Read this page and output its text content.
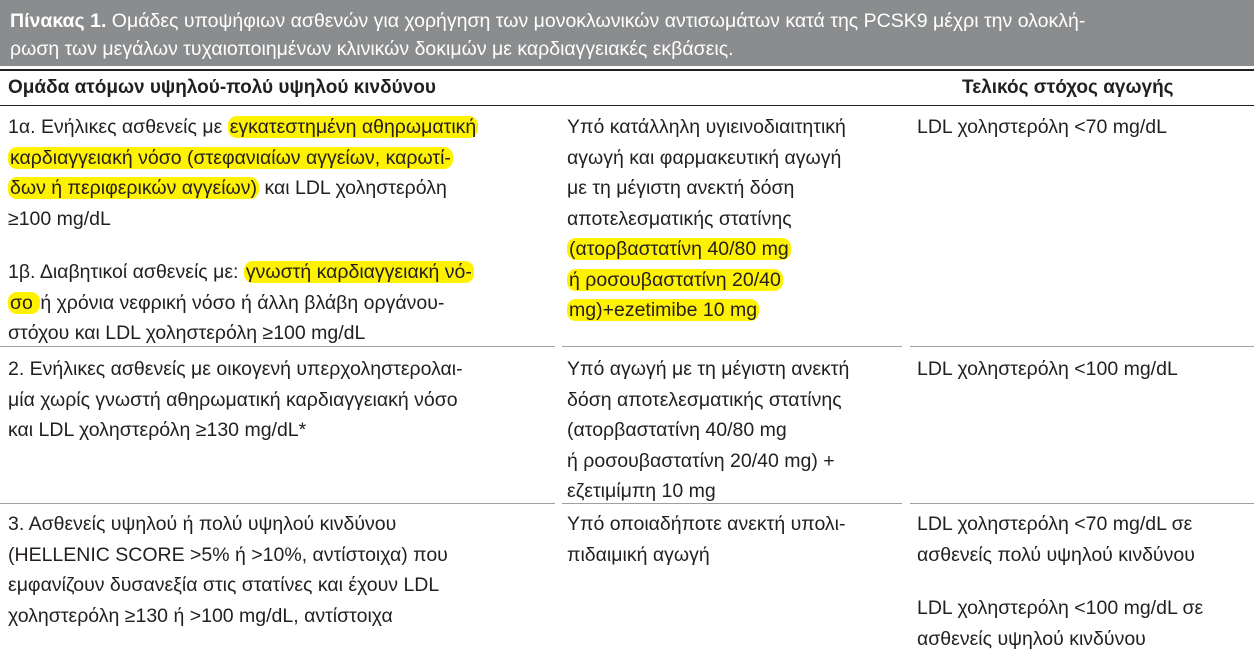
Πίνακας 1. Ομάδες υποψήφιων ασθενών για χορήγηση των μονοκλωνικών αντισωμάτων κατά της PCSK9 μέχρι την ολοκλή-
ρωση των μεγάλων τυχαιοποιημένων κλινικών δοκιμών με καρδιαγγειακές εκβάσεις.
Ομάδα ατόμων υψηλού-πολύ υψηλού κινδύνου	Τελικός στόχος αγωγής
1α. Ενήλικες ασθενείς με εγκατεστημένη αθηρωματική
καρδιαγγειακή νόσο (στεφανιαίων αγγείων, καρωτί-
δων ή περιφερικών αγγείων) και LDL χοληστερόλη
≥100 mg/dL
1β. Διαβητικοί ασθενείς με: γνωστή καρδιαγγειακή νό-
σο ή χρόνια νεφρική νόσο ή άλλη βλάβη οργάνου-
στόχου και LDL χοληστερόλη ≥100 mg/dL
Υπό κατάλληλη υγιεινοδιαιτητική
αγωγή και φαρμακευτική αγωγή
με τη μέγιστη ανεκτή δόση
αποτελεσματικής στατίνης
(ατορβαστατίνη 40/80 mg
ή ροσουβαστατίνη 20/40
mg)+ezetimibe 10 mg
LDL χοληστερόλη <70 mg/dL
2. Ενήλικες ασθενείς με οικογενή υπερχοληστερολαι-
μία χωρίς γνωστή αθηρωματική καρδιαγγειακή νόσο
και LDL χοληστερόλη ≥130 mg/dL*
Υπό αγωγή με τη μέγιστη ανεκτή
δόση αποτελεσματικής στατίνης
(ατορβαστατίνη 40/80 mg
ή ροσουβαστατίνη 20/40 mg) +
εζετιμίμπη 10 mg
LDL χοληστερόλη <100 mg/dL
3. Ασθενείς υψηλού ή πολύ υψηλού κινδύνου
(HELLENIC SCORE >5% ή >10%, αντίστοιχα) που
εμφανίζουν δυσανεξία στις στατίνες και έχουν LDL
χοληστερόλη ≥130 ή >100 mg/dL, αντίστοιχα
Υπό οποιαδήποτε ανεκτή υπολι-
πιδαιμική αγωγή
LDL χοληστερόλη <70 mg/dL σε
ασθενείς πολύ υψηλού κινδύνου
LDL χοληστερόλη <100 mg/dL σε
ασθενείς υψηλού κινδύνου
